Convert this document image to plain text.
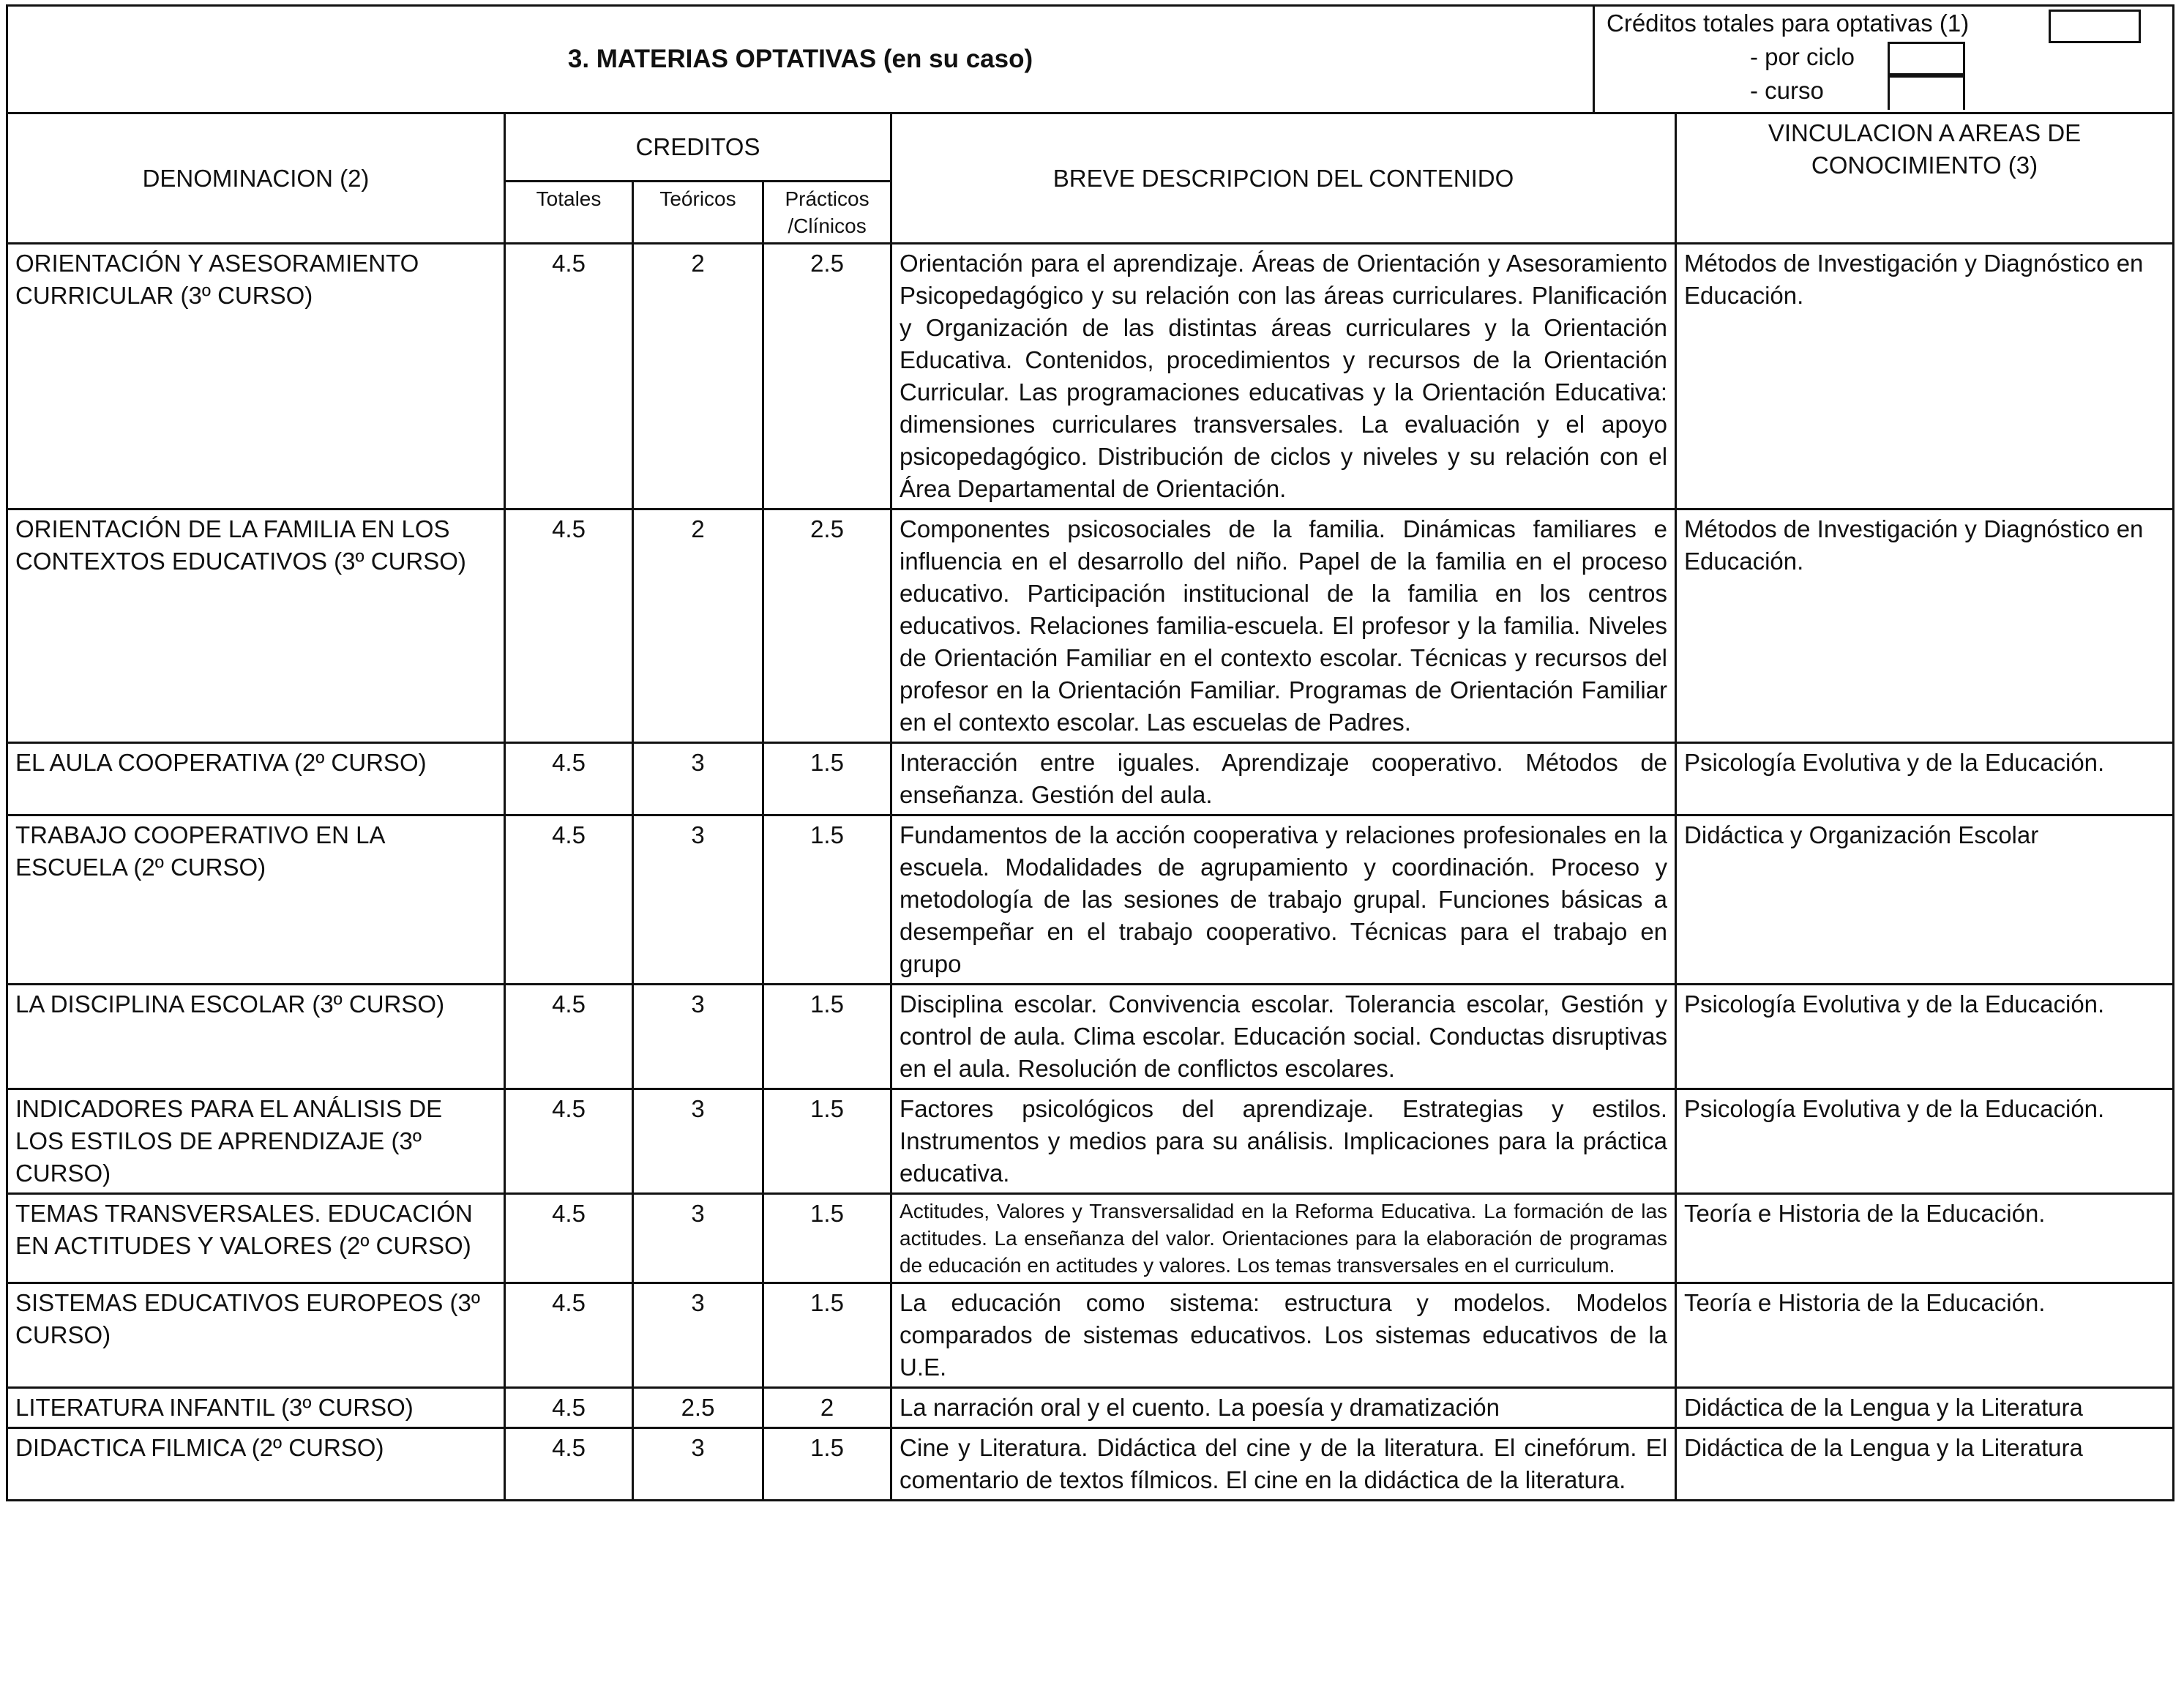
3. MATERIAS OPTATIVAS (en su caso)	
Créditos totales para optativas (1)
- por ciclo
- curso
DENOMINACION (2)	CREDITOS			BREVE DESCRIPCION DEL CONTENIDO	VINCULACION A AREAS DE CONOCIMIENTO (3)
	Totales	Teóricos	Prácticos /Clínicos		
ORIENTACIÓN Y ASESORAMIENTO CURRICULAR (3º CURSO)	4.5	2	2.5	Orientación para el aprendizaje. Áreas de Orientación y Asesoramiento Psicopedagógico y su relación con las áreas curriculares. Planificación y Organización de las distintas áreas curriculares y la Orientación Educativa. Contenidos, procedimientos y recursos de la Orientación Curricular. Las programaciones educativas y la Orientación Educativa: dimensiones curriculares transversales. La evaluación y el apoyo psicopedagógico. Distribución de ciclos y niveles y su relación con el Área Departamental de Orientación.	Métodos de Investigación y Diagnóstico en Educación.
ORIENTACIÓN DE LA FAMILIA EN LOS CONTEXTOS EDUCATIVOS (3º CURSO)	4.5	2	2.5	Componentes psicosociales de la familia. Dinámicas familiares e influencia en el desarrollo del niño. Papel de la familia en el proceso educativo. Participación institucional de la familia en los centros educativos. Relaciones familia-escuela. El profesor y la familia. Niveles de Orientación Familiar en el contexto escolar. Técnicas y recursos del profesor en la Orientación Familiar. Programas de Orientación Familiar en el contexto escolar. Las escuelas de Padres.	Métodos de Investigación y Diagnóstico en Educación.
EL AULA COOPERATIVA (2º CURSO)	4.5	3	1.5	Interacción entre iguales. Aprendizaje cooperativo. Métodos de enseñanza. Gestión del aula.	Psicología Evolutiva y de la Educación.
TRABAJO COOPERATIVO EN LA ESCUELA (2º CURSO)	4.5	3	1.5	Fundamentos de la acción cooperativa y relaciones profesionales en la escuela. Modalidades de agrupamiento y coordinación. Proceso y metodología de las sesiones de trabajo grupal. Funciones básicas a desempeñar en el trabajo cooperativo. Técnicas para el trabajo en grupo	Didáctica y Organización Escolar
LA DISCIPLINA ESCOLAR (3º CURSO)	4.5	3	1.5	Disciplina escolar. Convivencia escolar. Tolerancia escolar, Gestión y control de aula. Clima escolar. Educación social. Conductas disruptivas en el aula. Resolución de conflictos escolares.	Psicología Evolutiva y de la Educación.
INDICADORES PARA EL ANÁLISIS DE LOS ESTILOS DE APRENDIZAJE (3º CURSO)	4.5	3	1.5	Factores psicológicos del aprendizaje. Estrategias y estilos. Instrumentos y medios para su análisis. Implicaciones para la práctica educativa.	Psicología Evolutiva y de la Educación.
TEMAS TRANSVERSALES. EDUCACIÓN EN ACTITUDES Y VALORES (2º CURSO)	4.5	3	1.5	Actitudes, Valores y Transversalidad en la Reforma Educativa. La formación de las actitudes. La enseñanza del valor. Orientaciones para la elaboración de programas de educación en actitudes y valores. Los temas transversales en el curriculum.	Teoría e Historia de la Educación.
SISTEMAS EDUCATIVOS EUROPEOS (3º CURSO)	4.5	3	1.5	La educación como sistema: estructura y modelos. Modelos comparados de sistemas educativos. Los sistemas educativos de la U.E.	Teoría e Historia de la Educación.
LITERATURA INFANTIL (3º CURSO)	4.5	2.5	2	La narración oral y el cuento. La poesía y dramatización	Didáctica de la Lengua y la Literatura
DIDACTICA FILMICA (2º CURSO)	4.5	3	1.5	Cine y Literatura. Didáctica del cine y de la literatura. El cinefórum. El comentario de textos fílmicos. El cine en la didáctica de la literatura.	Didáctica de la Lengua y la Literatura
